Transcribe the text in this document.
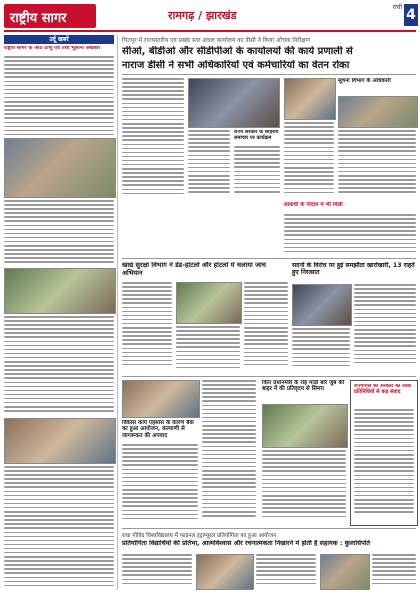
राष्ट्रीय सागर	रामगढ़ / झारखंड
रांची 4
उर्दू खबरें
राष्ट्रीय सागर के आठ ठाणु एवं तथा भूलाना अखबारे
चितपुर में राज्यस्तरीय एवं प्रखंड स्तर अंचल कार्यालय का डीसी ने किया औचक निरीक्षण
सीओ, बीडीओ और सीडीपीओ के कार्यालयों की कार्य प्रणाली से
नाराज डीसी ने सभी अधिकारियों एवं कर्मचारियों का वेतन रोका
राज्य सरकार के सोहराय समाचार पर कार्यक्रम
सूचना विभाग के अधिकारी
साकची के गोदाम में भी मिली
खाद्य सुरक्षा विभाग ने डेड-होटलों और होटलों में चलाया जांच अभियान
सदनों के विरोध पर हुई समझौता खारोखारी, 13 राहतें हुए निरत्सात
विकास कार्य एहसास के कारण बैंक का हुआ आयोजन, कल्याणी से जागरूकत की अपवाद
विता प्रधानमंत्री के राह मांडी बार जुंब की बाहर में की प्रतिवृदय से सिमरा
राज्यपाल की सरकार की लोक प्रतिनिधियों से कह संवाद
राधा गोविंद विश्वविद्यालय में फाइनल इंट्राम्यूरल प्रतियोगिता का हुआ आयोजन
प्रतियोगिता विद्यार्थियों की प्रतिभा, आत्मविश्वास और रचनात्मकता निखारने में होती है सहायक : कुलाधिपति
